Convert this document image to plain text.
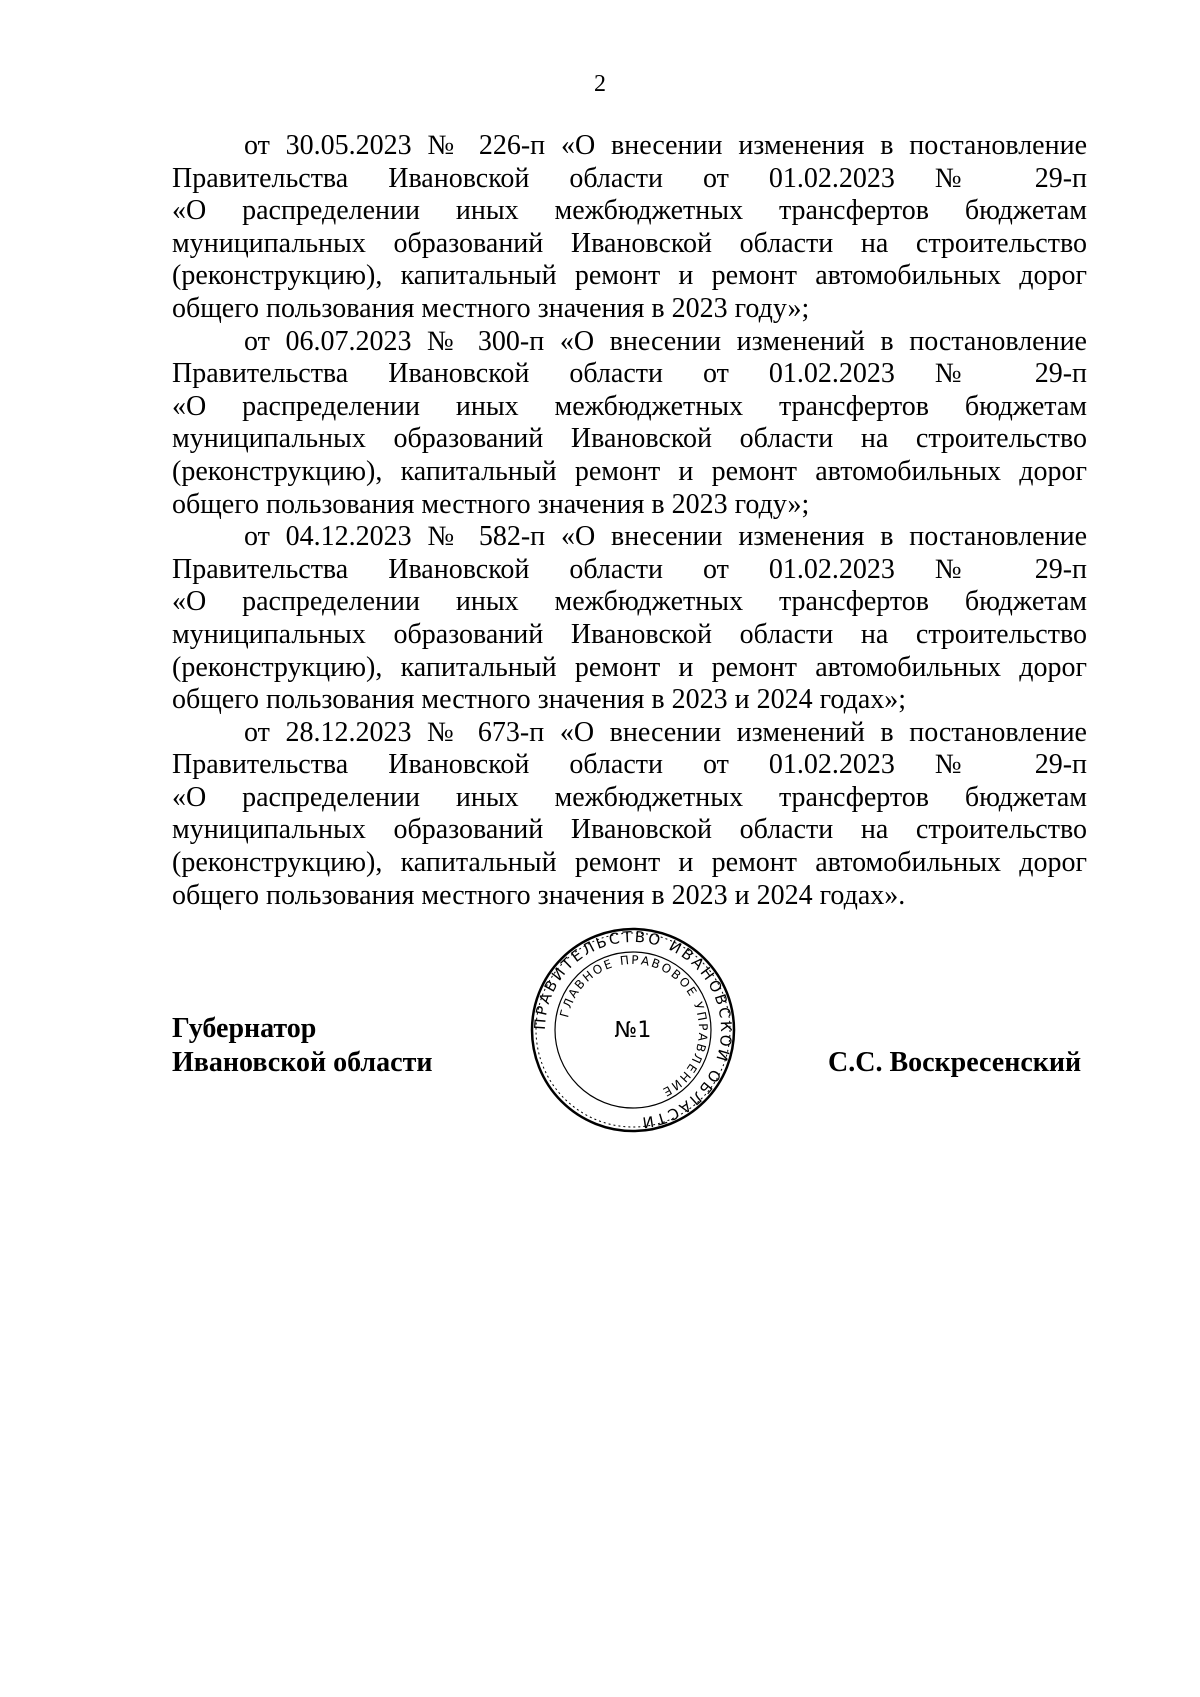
2

от 30.05.2023 № 226-п «О внесении изменения в постановление
Правительства Ивановской области от 01.02.2023 № 29-п
«О распределении иных межбюджетных трансфертов бюджетам
муниципальных образований Ивановской области на строительство
(реконструкцию), капитальный ремонт и ремонт автомобильных дорог
общего пользования местного значения в 2023 году»;

от 06.07.2023 № 300-п «О внесении изменений в постановление
Правительства Ивановской области от 01.02.2023 № 29-п
«О распределении иных межбюджетных трансфертов бюджетам
муниципальных образований Ивановской области на строительство
(реконструкцию), капитальный ремонт и ремонт автомобильных дорог
общего пользования местного значения в 2023 году»;

от 04.12.2023 № 582-п «О внесении изменения в постановление
Правительства Ивановской области от 01.02.2023 № 29-п
«О распределении иных межбюджетных трансфертов бюджетам
муниципальных образований Ивановской области на строительство
(реконструкцию), капитальный ремонт и ремонт автомобильных дорог
общего пользования местного значения в 2023 и 2024 годах»;

от 28.12.2023 № 673-п «О внесении изменений в постановление
Правительства Ивановской области от 01.02.2023 № 29-п
«О распределении иных межбюджетных трансфертов бюджетам
муниципальных образований Ивановской области на строительство
(реконструкцию), капитальный ремонт и ремонт автомобильных дорог
общего пользования местного значения в 2023 и 2024 годах».

Губернатор
Ивановской области
ПРАВИТЕЛЬСТВО ИВАНОВСКОЙ ОБЛАСТИ
ГЛАВНОЕ ПРАВОВОЕ УПРАВЛЕНИЕ
№1
С.С. Воскресенский
